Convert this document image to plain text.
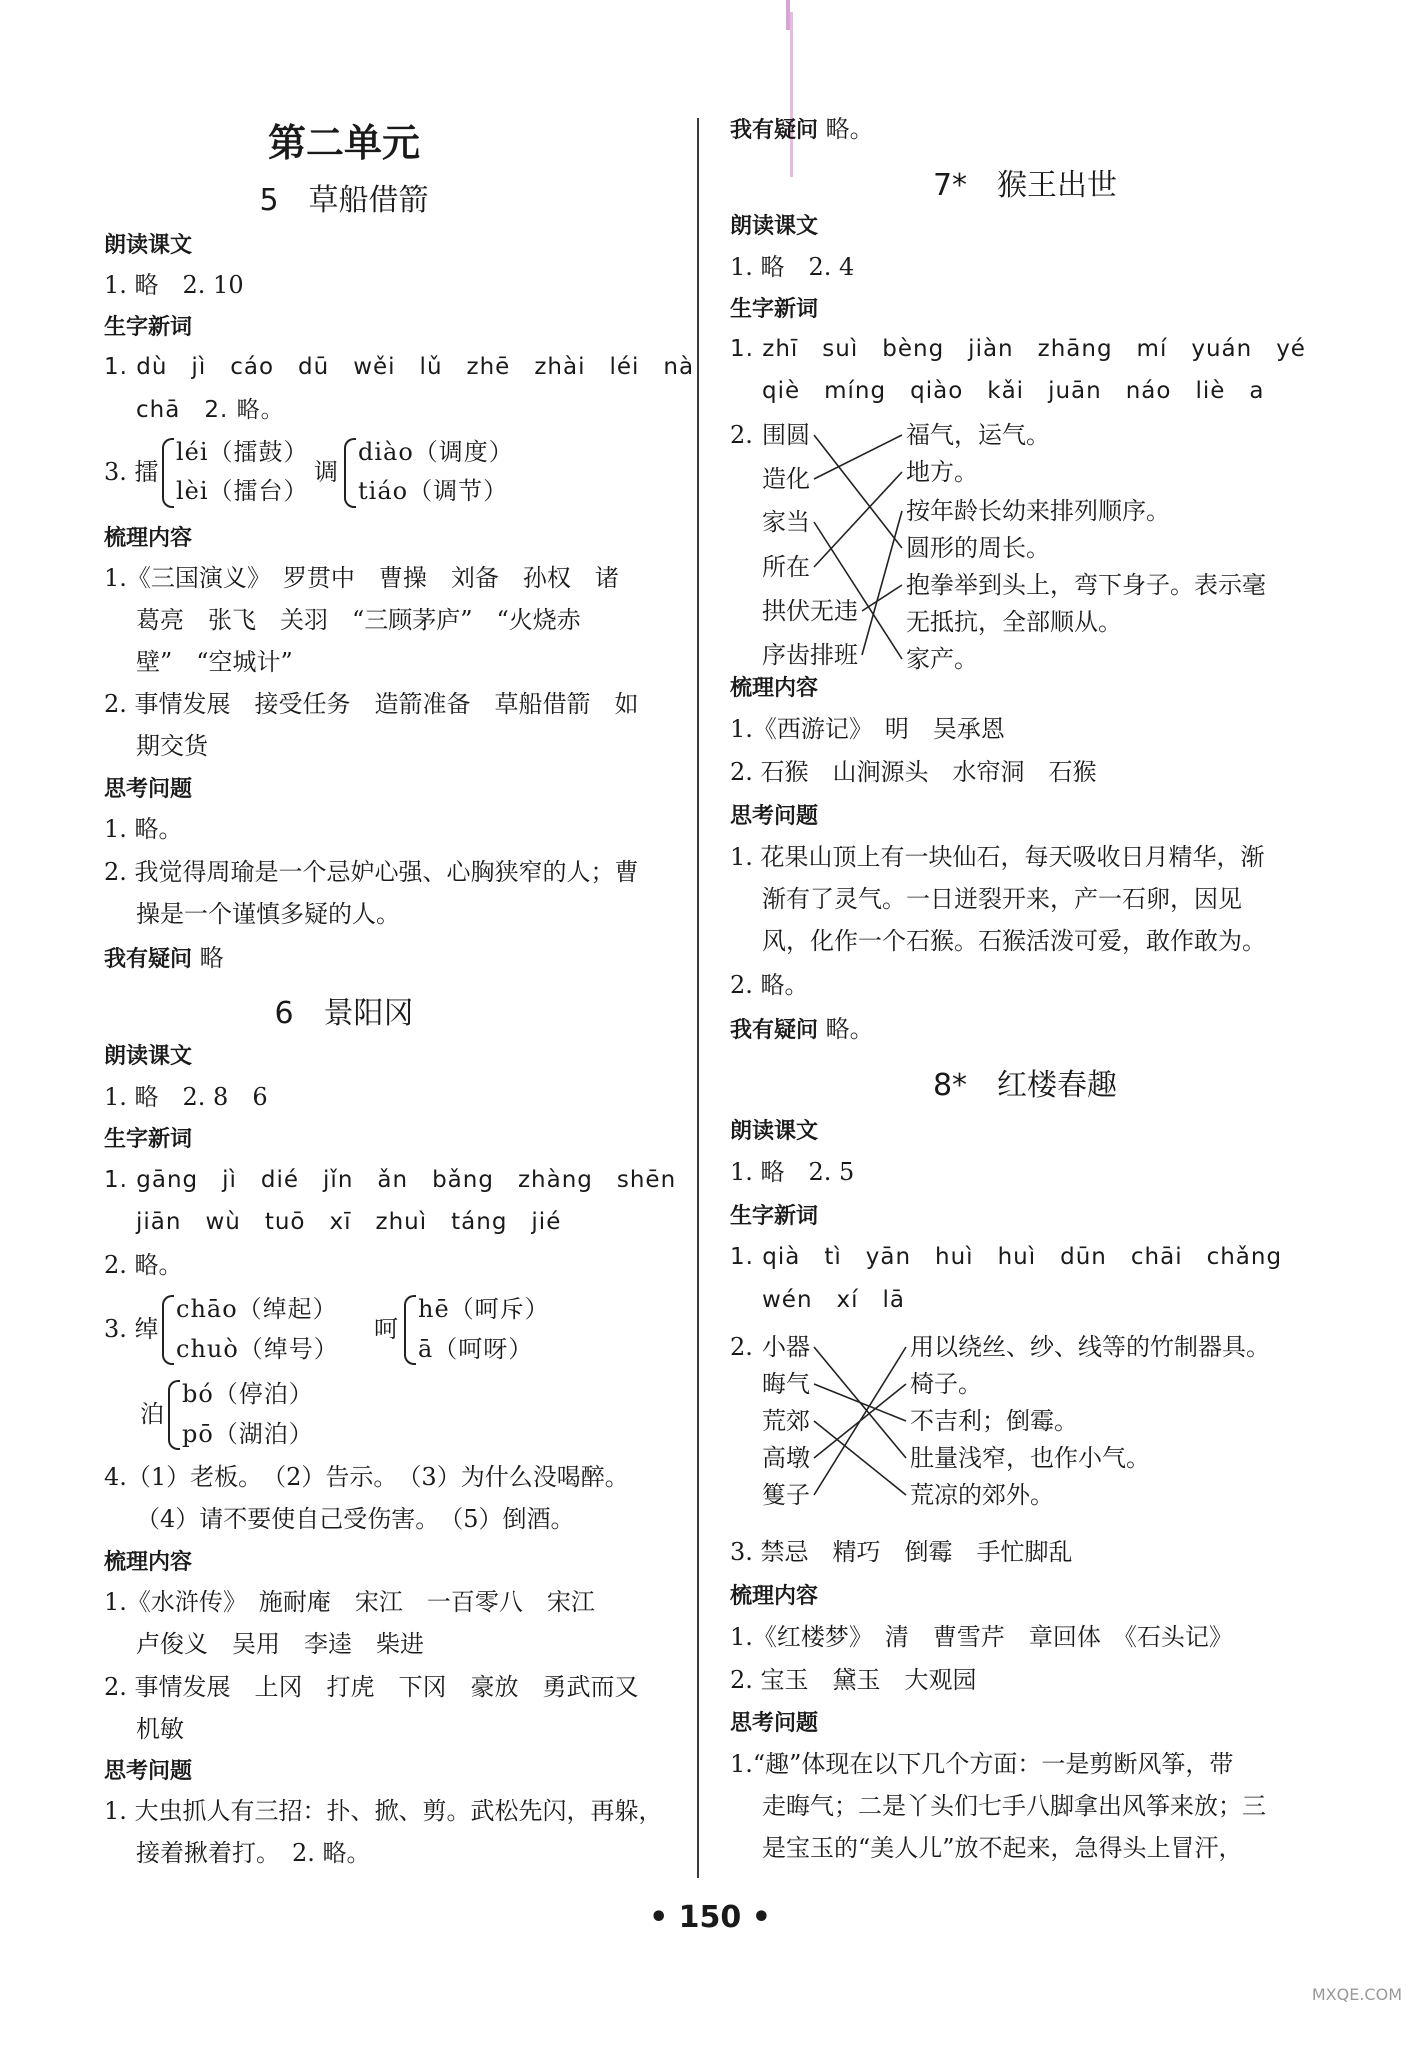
第二单元
5　草船借箭
朗读课文
1. 略　2. 10
生字新词
1. dù　jì　cáo　dū　wěi　lǔ　zhē　zhài　léi　nà
chā　2. 略。
3. 擂
léi（擂鼓）
lèi（擂台）
调
diào（调度）
tiáo（调节）
梳理内容
1.《三国演义》　罗贯中　曹操　刘备　孙权　诸
葛亮　张飞　关羽　“三顾茅庐”　“火烧赤
壁”　“空城计”
2. 事情发展　接受任务　造箭准备　草船借箭　如
期交货
思考问题
1. 略。
2. 我觉得周瑜是一个忌妒心强、心胸狭窄的人；曹
操是一个谨慎多疑的人。
我有疑问 略
6　景阳冈
朗读课文
1. 略　2. 8　6
生字新词
1. gāng　jì　dié　jǐn　ǎn　bǎng　zhàng　shēn
jiān　wù　tuō　xī　zhuì　táng　jié
2. 略。
3. 绰
chāo（绰起）
chuò（绰号）
呵
hē（呵斥）
ā（呵呀）
泊
bó（停泊）
pō（湖泊）
4.（1）老板。　（2）告示。　（3）为什么没喝醉。
（4）请不要使自己受伤害。　（5）倒酒。
梳理内容
1.《水浒传》　施耐庵　宋江　一百零八　宋江
卢俊义　吴用　李逵　柴进
2. 事情发展　上冈　打虎　下冈　豪放　勇武而又
机敏
思考问题
1. 大虫抓人有三招：扑、掀、剪。武松先闪，再躲，
接着揪着打。　2. 略。
我有疑问 略。
7*　猴王出世
朗读课文
1. 略　2. 4
生字新词
1. zhī　suì　bèng　jiàn　zhāng　mí　yuán　yé
qiè　míng　qiào　kǎi　juān　náo　liè　a
2. 围圆
造化
家当
所在
拱伏无违
序齿排班
福气，运气。
地方。
按年龄长幼来排列顺序。
圆形的周长。
抱拳举到头上，弯下身子。表示毫
无抵抗，全部顺从。
家产。
梳理内容
1.《西游记》　明　吴承恩
2. 石猴　山涧源头　水帘洞　石猴
思考问题
1. 花果山顶上有一块仙石，每天吸收日月精华，渐
渐有了灵气。一日迸裂开来，产一石卵，因见
风，化作一个石猴。石猴活泼可爱，敢作敢为。
2. 略。
我有疑问 略。
8*　红楼春趣
朗读课文
1. 略　2. 5
生字新词
1. qià　tì　yān　huì　huì　dūn　chāi　chǎng
wén　xí　lā
2. 小器
晦气
荒郊
高墩
篗子
用以绕丝、纱、线等的竹制器具。
椅子。
不吉利；倒霉。
肚量浅窄，也作小气。
荒凉的郊外。
3. 禁忌　精巧　倒霉　手忙脚乱
梳理内容
1.《红楼梦》　清　曹雪芹　章回体　《石头记》
2. 宝玉　黛玉　大观园
思考问题
1.“趣”体现在以下几个方面：一是剪断风筝，带
走晦气；二是丫头们七手八脚拿出风筝来放；三
是宝玉的“美人儿”放不起来，急得头上冒汗，
• 150 •
MXQE.COM
